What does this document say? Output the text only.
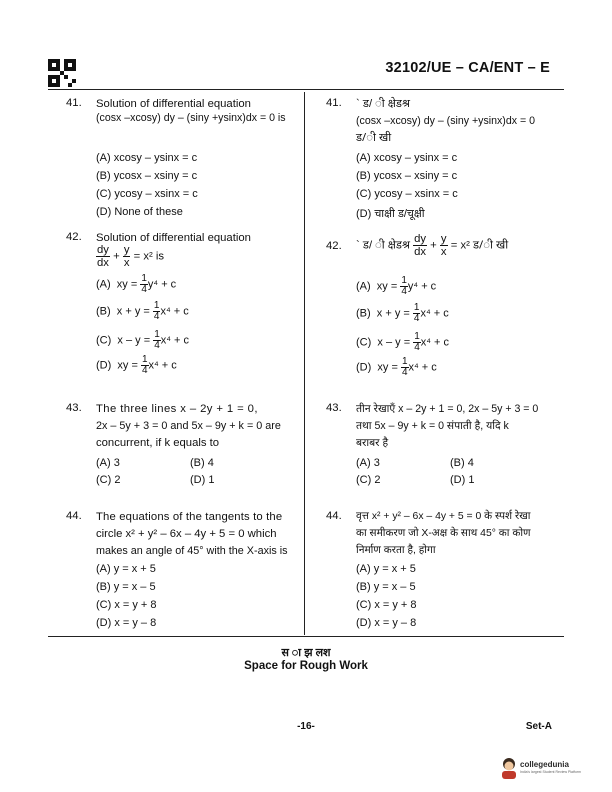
32102/UE – CA/ENT – E
41. Solution of differential equation
(cosx –xcosy) dy – (siny +ysinx)dx = 0 is
(A) xcosy – ysinx = c
(B) ycosx – xsiny = c
(C) ycosy – xsinx = c
(D) None of these
41. ` ड/ ी क्षेडश्र
(cosx –xcosy) dy – (siny +ysinx)dx = 0
ड/ी खी
(A) xcosy – ysinx = c
(B) ycosx – xsiny = c
(C) ycosy – xsinx = c
(D) चाक्षी ड/चूक्षी
42. Solution of differential equation
$\frac{dy}{dx} + \frac{y}{x} = x^2$ is
(A) xy = $\frac{1}{4} y^4 + c$
(B) $x + y = \frac{1}{4} x^4 + c$
(C) $x - y = \frac{1}{4} x^4 + c$
(D) xy = $\frac{1}{4} x^4 + c$
42. ` ड/ ी क्षेडश्र $\frac{dy}{dx} + \frac{y}{x} = x^2$ ड/ी खी
(A) xy = $\frac{1}{4} y^4 + c$
(B) $x + y = \frac{1}{4} x^4 + c$
(C) $x - y = \frac{1}{4} x^4 + c$
(D) xy = $\frac{1}{4} x^4 + c$
43. The three lines x – 2y + 1 = 0,
2x – 5y + 3 = 0 and 5x – 9y + k = 0 are
concurrent, if k equals to
(A) 3	(B) 4
(C) 2	(D) 1
43. तीन रेखाएँ x – 2y + 1 = 0, 2x – 5y + 3 = 0
तथा 5x – 9y + k = 0 संपाती है, यदि k
बराबर है
(A) 3	(B) 4
(C) 2	(D) 1
44. The equations of the tangents to the
circle x² + y² – 6x – 4y + 5 = 0 which
makes an angle of 45° with the X-axis is
(A) y = x + 5
(B) y = x – 5
(C) x = y + 8
(D) x = y – 8
44. वृत्त x² + y² – 6x – 4y + 5 = 0 के स्पर्श रेखा
का समीकरण जो X-अक्ष के साथ 45° का कोण
निर्माण करता है, होगा
(A) y = x + 5
(B) y = x – 5
(C) x = y + 8
(D) x = y – 8
स ा झ लश
Space for Rough Work
-16-	Set-A
collegedunia
India's largest Student Review Platform
